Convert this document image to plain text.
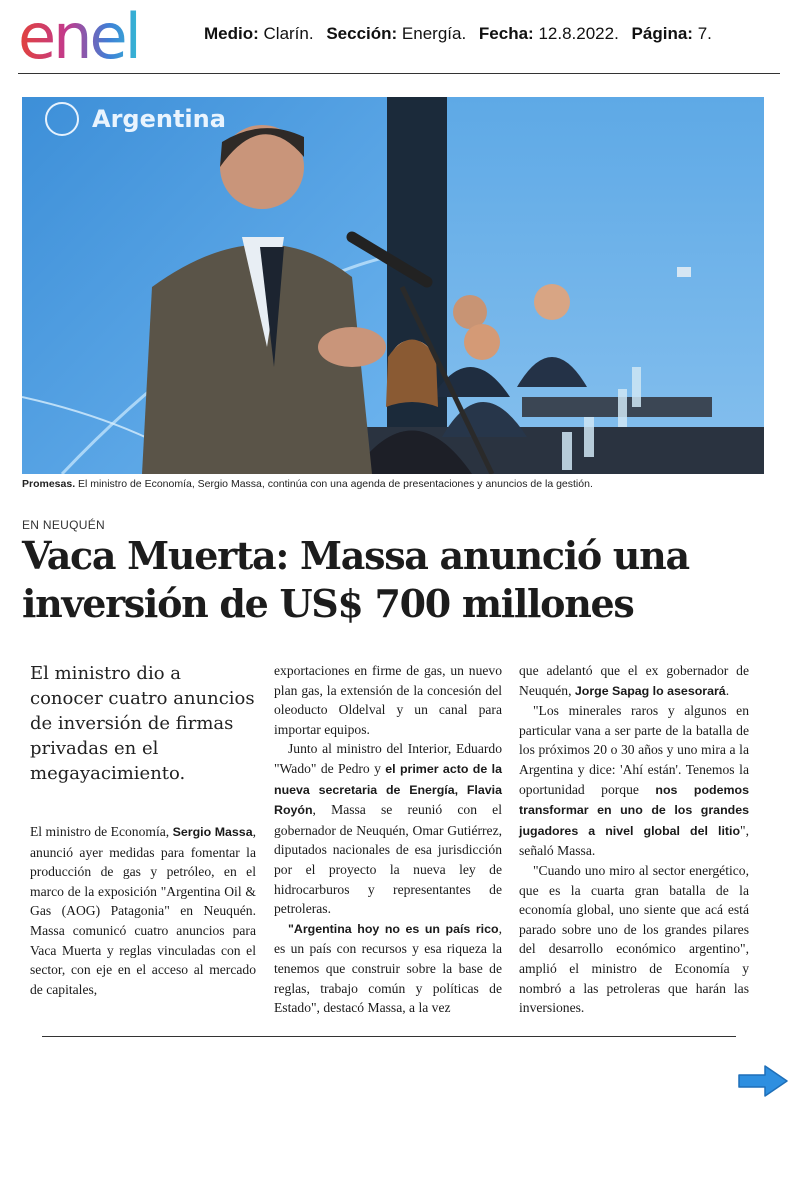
enel	Medio: Clarín. Sección: Energía. Fecha: 12.8.2022. Página: 7.
Argentina
Promesas. El ministro de Economía, Sergio Massa, continúa con una agenda de presentaciones y anuncios de la gestión.
EN NEUQUÉN
Vaca Muerta: Massa anunció una inversión de US$ 700 millones

El ministro dio a conocer cuatro anuncios de inversión de firmas privadas en el megayacimiento.

El ministro de Economía, Sergio Massa, anunció ayer medidas para fomentar la producción de gas y petróleo, en el marco de la exposición "Argentina Oil & Gas (AOG) Patagonia" en Neuquén. Massa comunicó cuatro anuncios para Vaca Muerta y reglas vinculadas con el sector, con eje en el acceso al mercado de capitales,

exportaciones en firme de gas, un nuevo plan gas, la extensión de la concesión del oleoducto Oldelval y un canal para importar equipos.

Junto al ministro del Interior, Eduardo "Wado" de Pedro y el primer acto de la nueva secretaria de Energía, Flavia Royón, Massa se reunió con el gobernador de Neuquén, Omar Gutiérrez, diputados nacionales de esa jurisdicción por el proyecto la nueva ley de hidrocarburos y representantes de petroleras.

"Argentina hoy no es un país rico, es un país con recursos y esa riqueza la tenemos que construir sobre la base de reglas, trabajo común y políticas de Estado", destacó Massa, a la vez

que adelantó que el ex gobernador de Neuquén, Jorge Sapag lo asesorará.

"Los minerales raros y algunos en particular vana a ser parte de la batalla de los próximos 20 o 30 años y uno mira a la Argentina y dice: 'Ahí están'. Tenemos la oportunidad porque nos podemos transformar en uno de los grandes jugadores a nivel global del litio", señaló Massa.

"Cuando uno miro al sector energético, que es la cuarta gran batalla de la economía global, uno siente que acá está parado sobre uno de los grandes pilares del desarrollo económico argentino", amplió el ministro de Economía y nombró a las petroleras que harán las inversiones.
